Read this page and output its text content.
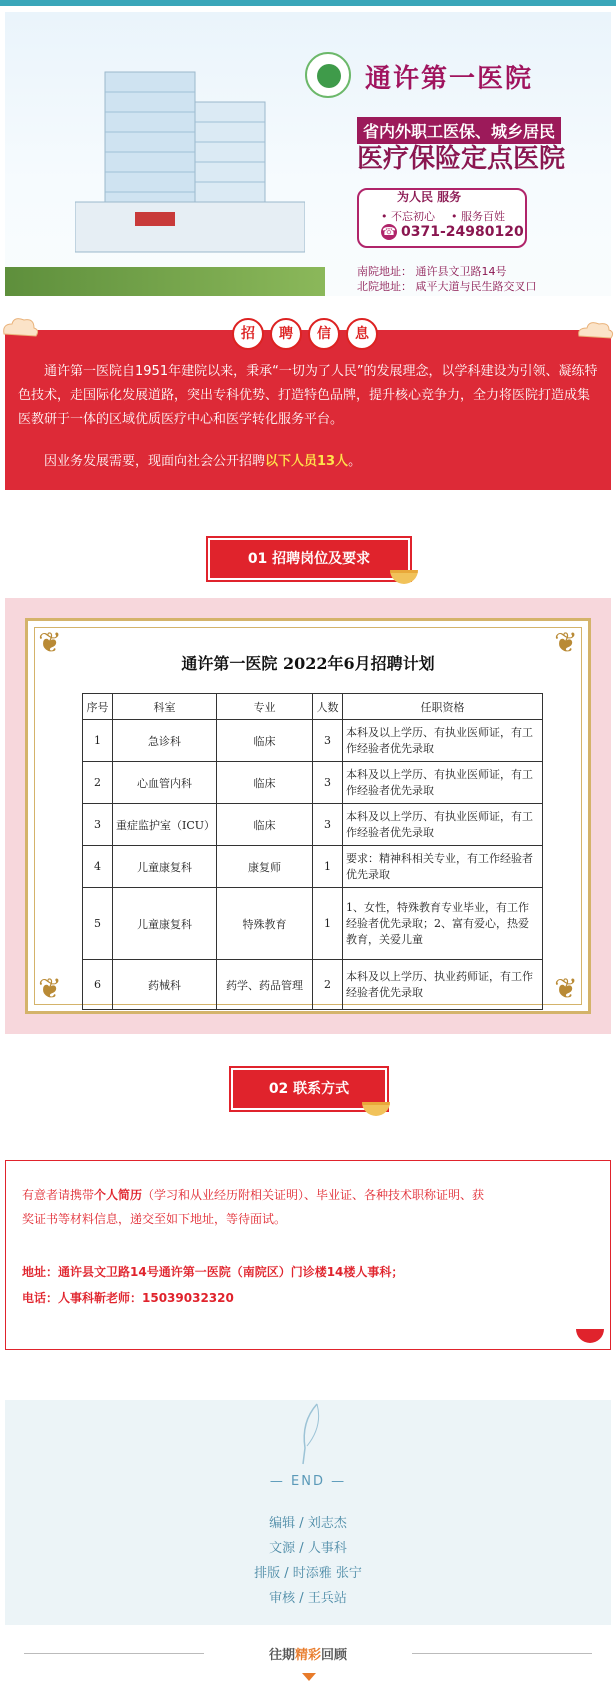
通许第一医院
省内外职工医保、城乡居民
医疗保险定点医院
为人民 服务
• 不忘初心 • 服务百姓
☎ 0371-24980120
南院地址： 通许县文卫路14号
北院地址： 咸平大道与民生路交叉口
招	聘	信	息
通许第一医院自1951年建院以来，秉承“一切为了人民”的发展理念，以学科建设为引领、凝练特色技术，走国际化发展道路，突出专科优势、打造特色品牌，提升核心竞争力，全力将医院打造成集医教研于一体的区域优质医疗中心和医学转化服务平台。
因业务发展需要，现面向社会公开招聘以下人员13人。
01 招聘岗位及要求
❦	❦
❦	❦
通许第一医院 2022年6月招聘计划
序号	科室	专业	人数	任职资格
1	急诊科	临床	3	本科及以上学历、有执业医师证，有工作经验者优先录取
2	心血管内科	临床	3	本科及以上学历、有执业医师证，有工作经验者优先录取
3	重症监护室（ICU）	临床	3	本科及以上学历、有执业医师证，有工作经验者优先录取
4	儿童康复科	康复师	1	要求：精神科相关专业，有工作经验者优先录取
5	儿童康复科	特殊教育	1	1、女性，特殊教育专业毕业，有工作经验者优先录取；2、富有爱心，热爱教育，关爱儿童
6	药械科	药学、药品管理	2	本科及以上学历、执业药师证，有工作经验者优先录取
02 联系方式
有意者请携带个人简历（学习和从业经历附相关证明）、毕业证、各种技术职称证明、获奖证书等材料信息，递交至如下地址，等待面试。
地址：通许县文卫路14号通许第一医院（南院区）门诊楼14楼人事科；
电话：人事科靳老师：15039032320
— END —
编辑 / 刘志杰
文源 / 人事科
排版 / 时添雅 张宁
审核 / 王兵站
往期精彩回顾
